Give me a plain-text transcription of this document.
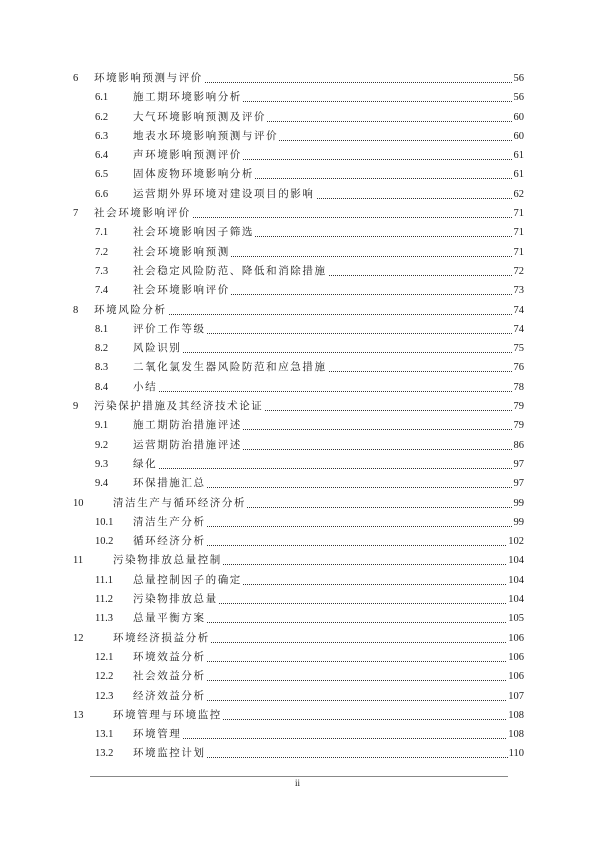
6 环境影响预测与评价	56
6.1 施工期环境影响分析	56
6.2 大气环境影响预测及评价	60
6.3 地表水环境影响预测与评价	60
6.4 声环境影响预测评价	61
6.5 固体废物环境影响分析	61
6.6 运营期外界环境对建设项目的影响	62
7 社会环境影响评价	71
7.1 社会环境影响因子筛选	71
7.2 社会环境影响预测	71
7.3 社会稳定风险防范、降低和消除措施	72
7.4 社会环境影响评价	73
8 环境风险分析	74
8.1 评价工作等级	74
8.2 风险识别	75
8.3 二氧化氯发生器风险防范和应急措施	76
8.4 小结	78
9 污染保护措施及其经济技术论证	79
9.1 施工期防治措施评述	79
9.2 运营期防治措施评述	86
9.3 绿化	97
9.4 环保措施汇总	97
10	清洁生产与循环经济分析	99
10.1 清洁生产分析	99
10.2 循环经济分析	102
11	污染物排放总量控制	104
11.1 总量控制因子的确定	104
11.2 污染物排放总量	104
11.3 总量平衡方案	105
12	环境经济损益分析	106
12.1 环境效益分析	106
12.2 社会效益分析	106
12.3 经济效益分析	107
13	环境管理与环境监控	108
13.1 环境管理	108
13.2 环境监控计划	110
ii
